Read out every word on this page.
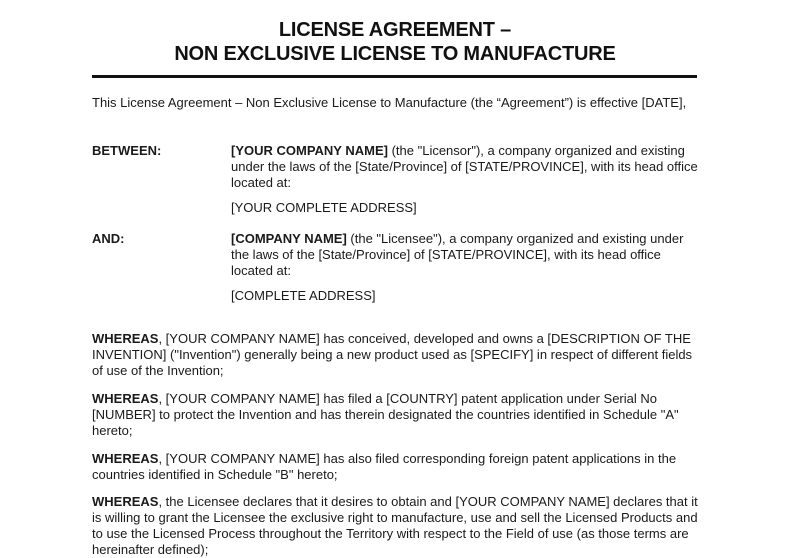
LICENSE AGREEMENT –
NON EXCLUSIVE LICENSE TO MANUFACTURE
This License Agreement – Non Exclusive License to Manufacture (the “Agreement”) is effective [DATE],
BETWEEN:	[YOUR COMPANY NAME] (the "Licensor"), a company organized and existing under the laws of the [State/Province] of [STATE/PROVINCE], with its head office located at:
[YOUR COMPLETE ADDRESS]
AND:	[COMPANY NAME] (the "Licensee"), a company organized and existing under the laws of the [State/Province] of [STATE/PROVINCE], with its head office located at:
[COMPLETE ADDRESS]
WHEREAS, [YOUR COMPANY NAME] has conceived, developed and owns a [DESCRIPTION OF THE INVENTION] ("Invention") generally being a new product used as [SPECIFY] in respect of different fields of use of the Invention;
WHEREAS, [YOUR COMPANY NAME] has filed a [COUNTRY] patent application under Serial No [NUMBER] to protect the Invention and has therein designated the countries identified in Schedule "A" hereto;
WHEREAS, [YOUR COMPANY NAME] has also filed corresponding foreign patent applications in the countries identified in Schedule "B" hereto;
WHEREAS, the Licensee declares that it desires to obtain and [YOUR COMPANY NAME] declares that it is willing to grant the Licensee the exclusive right to manufacture, use and sell the Licensed Products and to use the Licensed Process throughout the Territory with respect to the Field of use (as those terms are hereinafter defined);
